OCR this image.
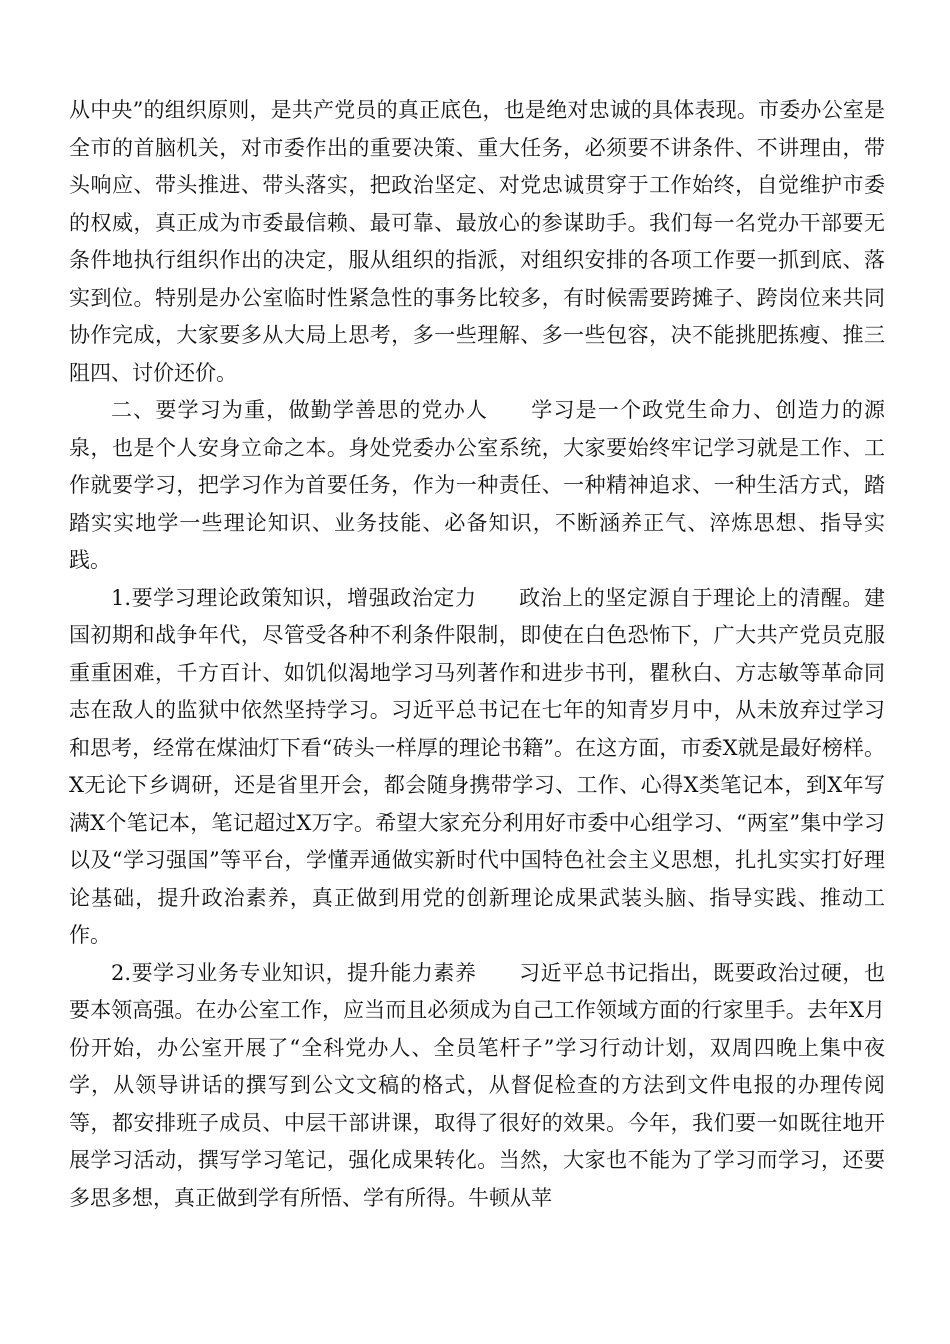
从中央”的组织原则，是共产党员的真正底色，也是绝对忠诚的具体表现。市委办公室是全市的首脑机关，对市委作出的重要决策、重大任务，必须要不讲条件、不讲理由，带头响应、带头推进、带头落实，把政治坚定、对党忠诚贯穿于工作始终，自觉维护市委的权威，真正成为市委最信赖、最可靠、最放心的参谋助手。我们每一名党办干部要无条件地执行组织作出的决定，服从组织的指派，对组织安排的各项工作要一抓到底、落实到位。特别是办公室临时性紧急性的事务比较多，有时候需要跨摊子、跨岗位来共同协作完成，大家要多从大局上思考，多一些理解、多一些包容，决不能挑肥拣瘦、推三阻四、讨价还价。

二、要学习为重，做勤学善思的党办人 学习是一个政党生命力、创造力的源泉，也是个人安身立命之本。身处党委办公室系统，大家要始终牢记学习就是工作、工作就要学习，把学习作为首要任务，作为一种责任、一种精神追求、一种生活方式，踏踏实实地学一些理论知识、业务技能、必备知识，不断涵养正气、淬炼思想、指导实践。

1.要学习理论政策知识，增强政治定力 政治上的坚定源自于理论上的清醒。建国初期和战争年代，尽管受各种不利条件限制，即使在白色恐怖下，广大共产党员克服重重困难，千方百计、如饥似渴地学习马列著作和进步书刊，瞿秋白、方志敏等革命同志在敌人的监狱中依然坚持学习。习近平总书记在七年的知青岁月中，从未放弃过学习和思考，经常在煤油灯下看“砖头一样厚的理论书籍”。在这方面，市委X就是最好榜样。X无论下乡调研，还是省里开会，都会随身携带学习、工作、心得X类笔记本，到X年写满X个笔记本，笔记超过X万字。希望大家充分利用好市委中心组学习、“两室”集中学习以及“学习强国”等平台，学懂弄通做实新时代中国特色社会主义思想，扎扎实实打好理论基础，提升政治素养，真正做到用党的创新理论成果武装头脑、指导实践、推动工作。

2.要学习业务专业知识，提升能力素养 习近平总书记指出，既要政治过硬，也要本领高强。在办公室工作，应当而且必须成为自己工作领域方面的行家里手。去年X月份开始，办公室开展了“全科党办人、全员笔杆子”学习行动计划，双周四晚上集中夜学，从领导讲话的撰写到公文文稿的格式，从督促检查的方法到文件电报的办理传阅等，都安排班子成员、中层干部讲课，取得了很好的效果。今年，我们要一如既往地开展学习活动，撰写学习笔记，强化成果转化。当然，大家也不能为了学习而学习，还要多思多想，真正做到学有所悟、学有所得。牛顿从苹
